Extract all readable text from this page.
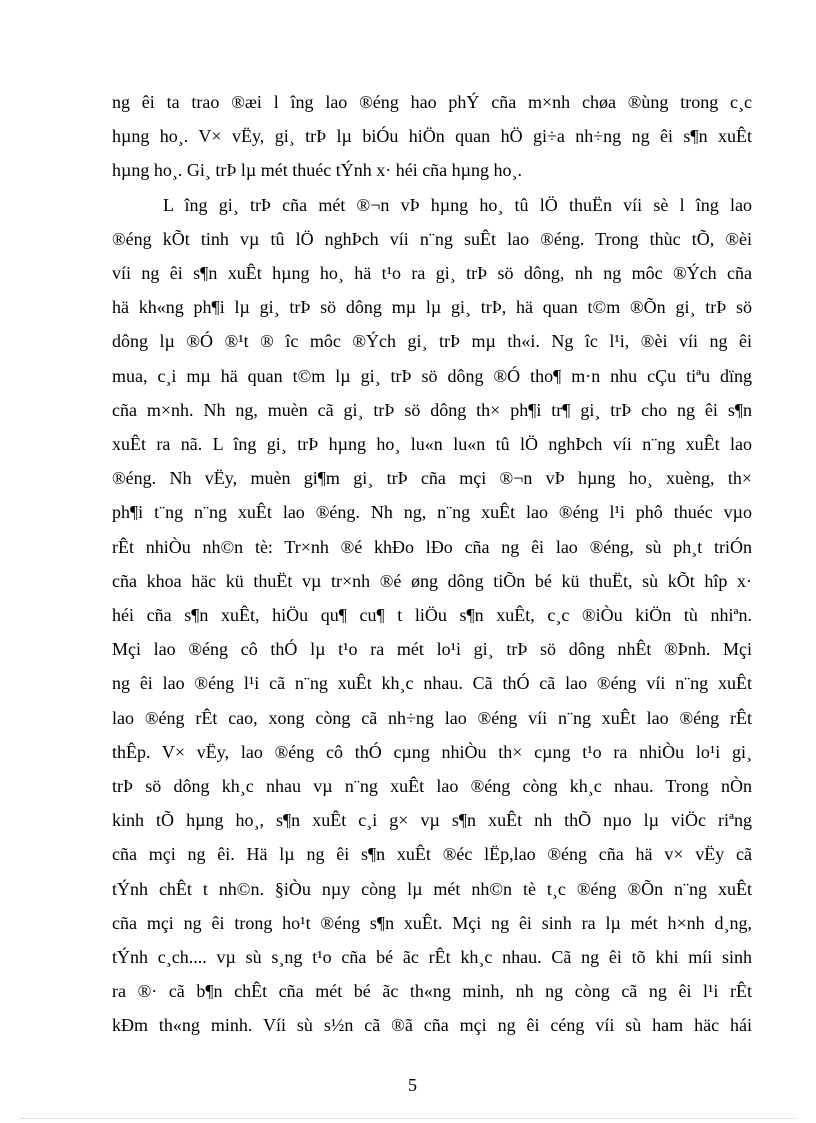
ng êi ta trao ®æi l îng lao ®éng hao phÝ cña m×nh chøa ®ùng trong c¸c
hµng ho¸. V× vËy, gi¸ trÞ lµ biÓu hiÖn quan hÖ gi÷a nh÷ng ng êi s¶n xuÊt
hµng ho¸. Gi¸ trÞ lµ mét thuéc tÝnh x· héi cña hµng ho¸.
L îng gi¸ trÞ cña mét ®¬n vÞ hµng ho¸ tû lÖ thuËn víi sè l îng lao
®éng kÕt tinh vµ tû lÖ nghÞch víi n¨ng suÊt lao ®éng. Trong thùc tÕ, ®èi
víi ng êi s¶n xuÊt hµng ho¸ hä t¹o ra gi¸ trÞ sö dông, nh ng môc ®Ých cña
hä kh«ng ph¶i lµ gi¸ trÞ sö dông mµ lµ gi¸ trÞ, hä quan t©m ®Õn gi¸ trÞ sö
dông lµ ®Ó ®¹t ® îc môc ®Ých gi¸ trÞ mµ th«i. Ng îc l¹i, ®èi víi ng êi
mua, c¸i mµ hä quan t©m lµ gi¸ trÞ sö dông ®Ó tho¶ m·n nhu cÇu tiªu dïng
cña m×nh. Nh ng, muèn cã gi¸ trÞ sö dông th× ph¶i tr¶ gi¸ trÞ cho ng êi s¶n
xuÊt ra nã. L îng gi¸ trÞ hµng ho¸ lu«n lu«n tû lÖ nghÞch víi n¨ng xuÊt lao
®éng. Nh vËy, muèn gi¶m gi¸ trÞ cña mçi ®¬n vÞ hµng ho¸ xuèng, th×
ph¶i t¨ng n¨ng xuÊt lao ®éng. Nh ng, n¨ng xuÊt lao ®éng l¹i phô thuéc vµo
rÊt nhiÒu nh©n tè: Tr×nh ®é khÐo lÐo cña ng êi lao ®éng, sù ph¸t triÓn
cña khoa häc kü thuËt vµ tr×nh ®é øng dông tiÕn bé kü thuËt, sù kÕt hîp x·
héi cña s¶n xuÊt, hiÖu qu¶ cu¶ t liÖu s¶n xuÊt, c¸c ®iÒu kiÖn tù nhiªn.
Mçi lao ®éng cô thÓ lµ t¹o ra mét lo¹i gi¸ trÞ sö dông nhÊt ®Þnh. Mçi
ng êi lao ®éng l¹i cã n¨ng xuÊt kh¸c nhau. Cã thÓ cã lao ®éng víi n¨ng xuÊt
lao ®éng rÊt cao, xong còng cã nh÷ng lao ®éng víi n¨ng xuÊt lao ®éng rÊt
thÊp. V× vËy, lao ®éng cô thÓ cµng nhiÒu th× cµng t¹o ra nhiÒu lo¹i gi¸
trÞ sö dông kh¸c nhau vµ n¨ng xuÊt lao ®éng còng kh¸c nhau. Trong nÒn
kinh tÕ hµng ho¸, s¶n xuÊt c¸i g× vµ s¶n xuÊt nh thÕ nµo lµ viÖc riªng
cña mçi ng êi. Hä lµ ng êi s¶n xuÊt ®éc lËp,lao ®éng cña hä v× vËy cã
tÝnh chÊt t nh©n. §iÒu nµy còng lµ mét nh©n tè t¸c ®éng ®Õn n¨ng xuÊt
cña mçi ng êi trong ho¹t ®éng s¶n xuÊt. Mçi ng êi sinh ra lµ mét h×nh d¸ng,
tÝnh c¸ch.... vµ sù s¸ng t¹o cña bé ãc rÊt kh¸c nhau. Cã ng êi tõ khi míi sinh
ra ®· cã b¶n chÊt cña mét bé ãc th«ng minh, nh ng còng cã ng êi l¹i rÊt
kÐm th«ng minh. Víi sù s½n cã ®ã cña mçi ng êi céng víi sù ham häc hái
5
